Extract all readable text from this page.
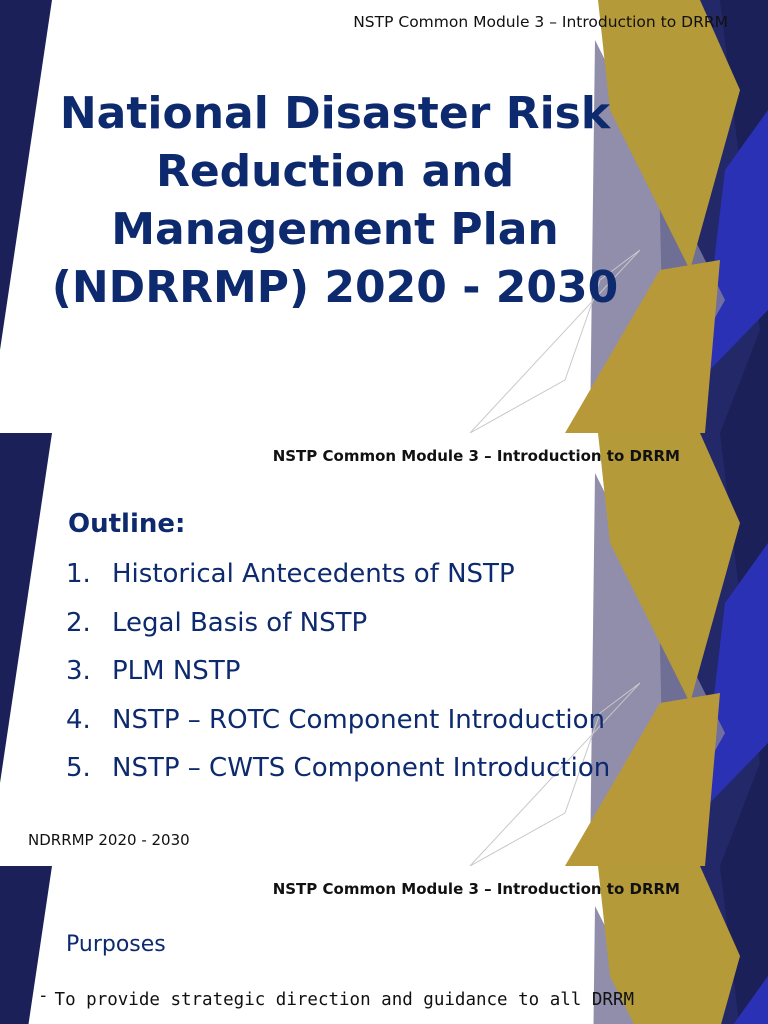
NSTP Common Module 3 – Introduction to DRRM
National Disaster Risk Reduction and Management Plan (NDRRMP) 2020 - 2030
NSTP Common Module 3 – Introduction to DRRM
Outline:
1. Historical Antecedents of NSTP
2. Legal Basis of NSTP
3. PLM NSTP
4. NSTP – ROTC Component Introduction
5. NSTP – CWTS Component Introduction
NDRRMP 2020 - 2030
NSTP Common Module 3 – Introduction to DRRM
Purposes
- To provide strategic direction and guidance to all DRRM
